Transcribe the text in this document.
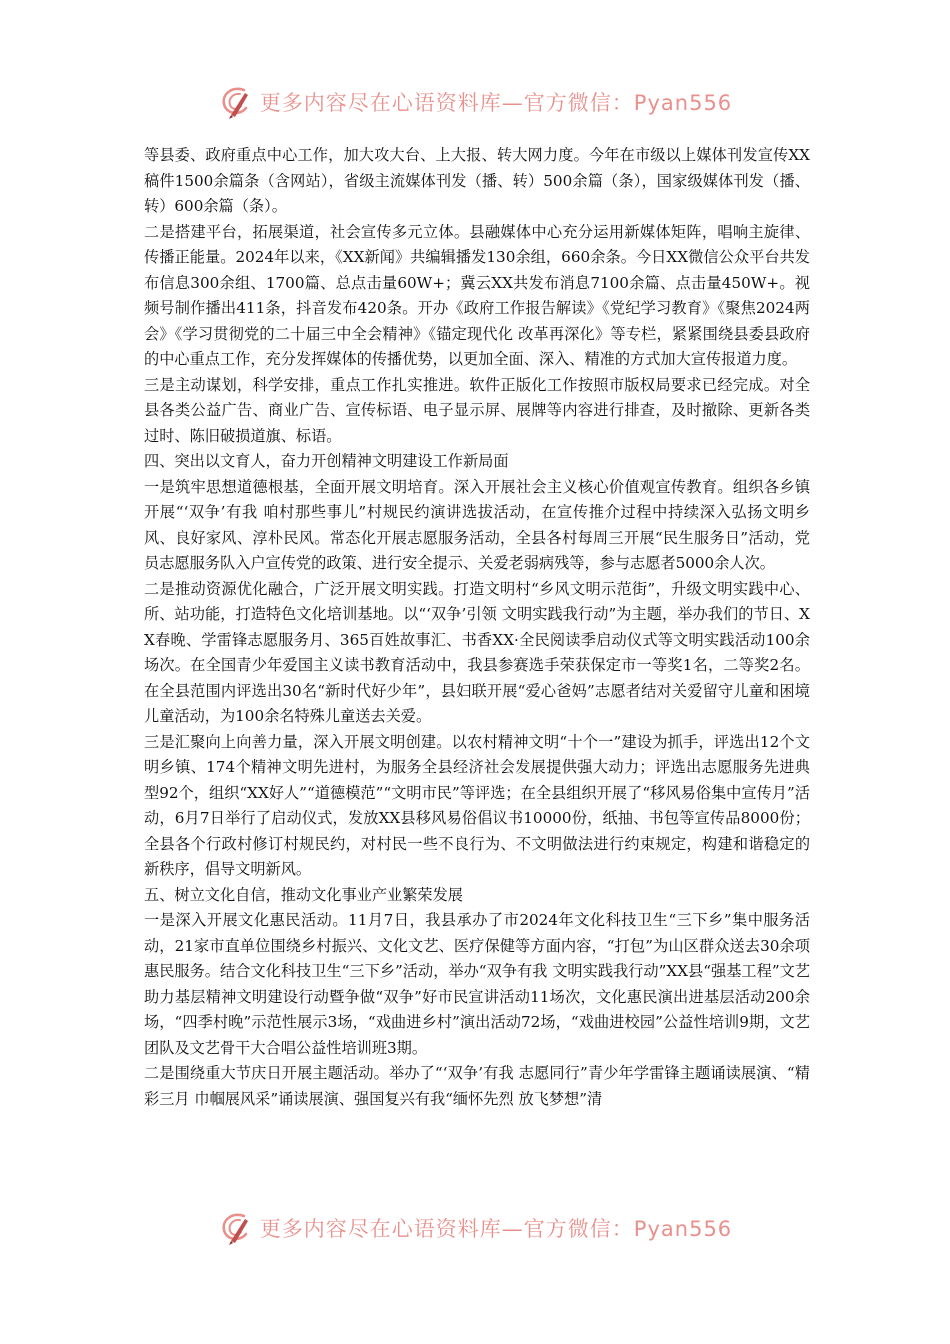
更多内容尽在心语资料库—官方微信：Pyan556

等县委、政府重点中心工作，加大攻大台、上大报、转大网力度。今年在市级以上媒体刊发宣传XX稿件1500余篇条（含网站），省级主流媒体刊发（播、转）500余篇（条），国家级媒体刊发（播、转）600余篇（条）。

二是搭建平台，拓展渠道，社会宣传多元立体。县融媒体中心充分运用新媒体矩阵，唱响主旋律、传播正能量。2024年以来，《XX新闻》共编辑播发130余组，660余条。今日XX微信公众平台共发布信息300余组、1700篇、总点击量60W+；冀云XX共发布消息7100余篇、点击量450W+。视频号制作播出411条，抖音发布420条。开办《政府工作报告解读》《党纪学习教育》《聚焦2024两会》《学习贯彻党的二十届三中全会精神》《锚定现代化 改革再深化》等专栏，紧紧围绕县委县政府的中心重点工作，充分发挥媒体的传播优势，以更加全面、深入、精准的方式加大宣传报道力度。

三是主动谋划，科学安排，重点工作扎实推进。软件正版化工作按照市版权局要求已经完成。对全县各类公益广告、商业广告、宣传标语、电子显示屏、展牌等内容进行排查，及时撤除、更新各类过时、陈旧破损道旗、标语。

四、突出以文育人，奋力开创精神文明建设工作新局面

一是筑牢思想道德根基，全面开展文明培育。深入开展社会主义核心价值观宣传教育。组织各乡镇开展“‘双争’有我 咱村那些事儿”村规民约演讲选拔活动，在宣传推介过程中持续深入弘扬文明乡风、良好家风、淳朴民风。常态化开展志愿服务活动，全县各村每周三开展“民生服务日”活动，党员志愿服务队入户宣传党的政策、进行安全提示、关爱老弱病残等，参与志愿者5000余人次。

二是推动资源优化融合，广泛开展文明实践。打造文明村“乡风文明示范街”，升级文明实践中心、所、站功能，打造特色文化培训基地。以“‘双争’引领 文明实践我行动”为主题，举办我们的节日、XX春晚、学雷锋志愿服务月、365百姓故事汇、书香XX·全民阅读季启动仪式等文明实践活动100余场次。在全国青少年爱国主义读书教育活动中，我县参赛选手荣获保定市一等奖1名，二等奖2名。在全县范围内评选出30名“新时代好少年”，县妇联开展“爱心爸妈”志愿者结对关爱留守儿童和困境儿童活动，为100余名特殊儿童送去关爱。

三是汇聚向上向善力量，深入开展文明创建。以农村精神文明“十个一”建设为抓手，评选出12个文明乡镇、174个精神文明先进村，为服务全县经济社会发展提供强大动力；评选出志愿服务先进典型92个，组织“XX好人”“道德模范”“文明市民”等评选；在全县组织开展了“移风易俗集中宣传月”活动，6月7日举行了启动仪式，发放XX县移风易俗倡议书10000份，纸抽、书包等宣传品8000份；全县各个行政村修订村规民约，对村民一些不良行为、不文明做法进行约束规定，构建和谐稳定的新秩序，倡导文明新风。

五、树立文化自信，推动文化事业产业繁荣发展

一是深入开展文化惠民活动。11月7日，我县承办了市2024年文化科技卫生“三下乡”集中服务活动，21家市直单位围绕乡村振兴、文化文艺、医疗保健等方面内容，“打包”为山区群众送去30余项惠民服务。结合文化科技卫生“三下乡”活动，举办“双争有我 文明实践我行动”XX县“强基工程”文艺助力基层精神文明建设行动暨争做“双争”好市民宣讲活动11场次，文化惠民演出进基层活动200余场，“四季村晚”示范性展示3场，“戏曲进乡村”演出活动72场，“戏曲进校园”公益性培训9期，文艺团队及文艺骨干大合唱公益性培训班3期。

二是围绕重大节庆日开展主题活动。举办了“‘双争’有我 志愿同行”青少年学雷锋主题诵读展演、“精彩三月 巾帼展风采”诵读展演、强国复兴有我“缅怀先烈 放飞梦想”清

更多内容尽在心语资料库—官方微信：Pyan556
